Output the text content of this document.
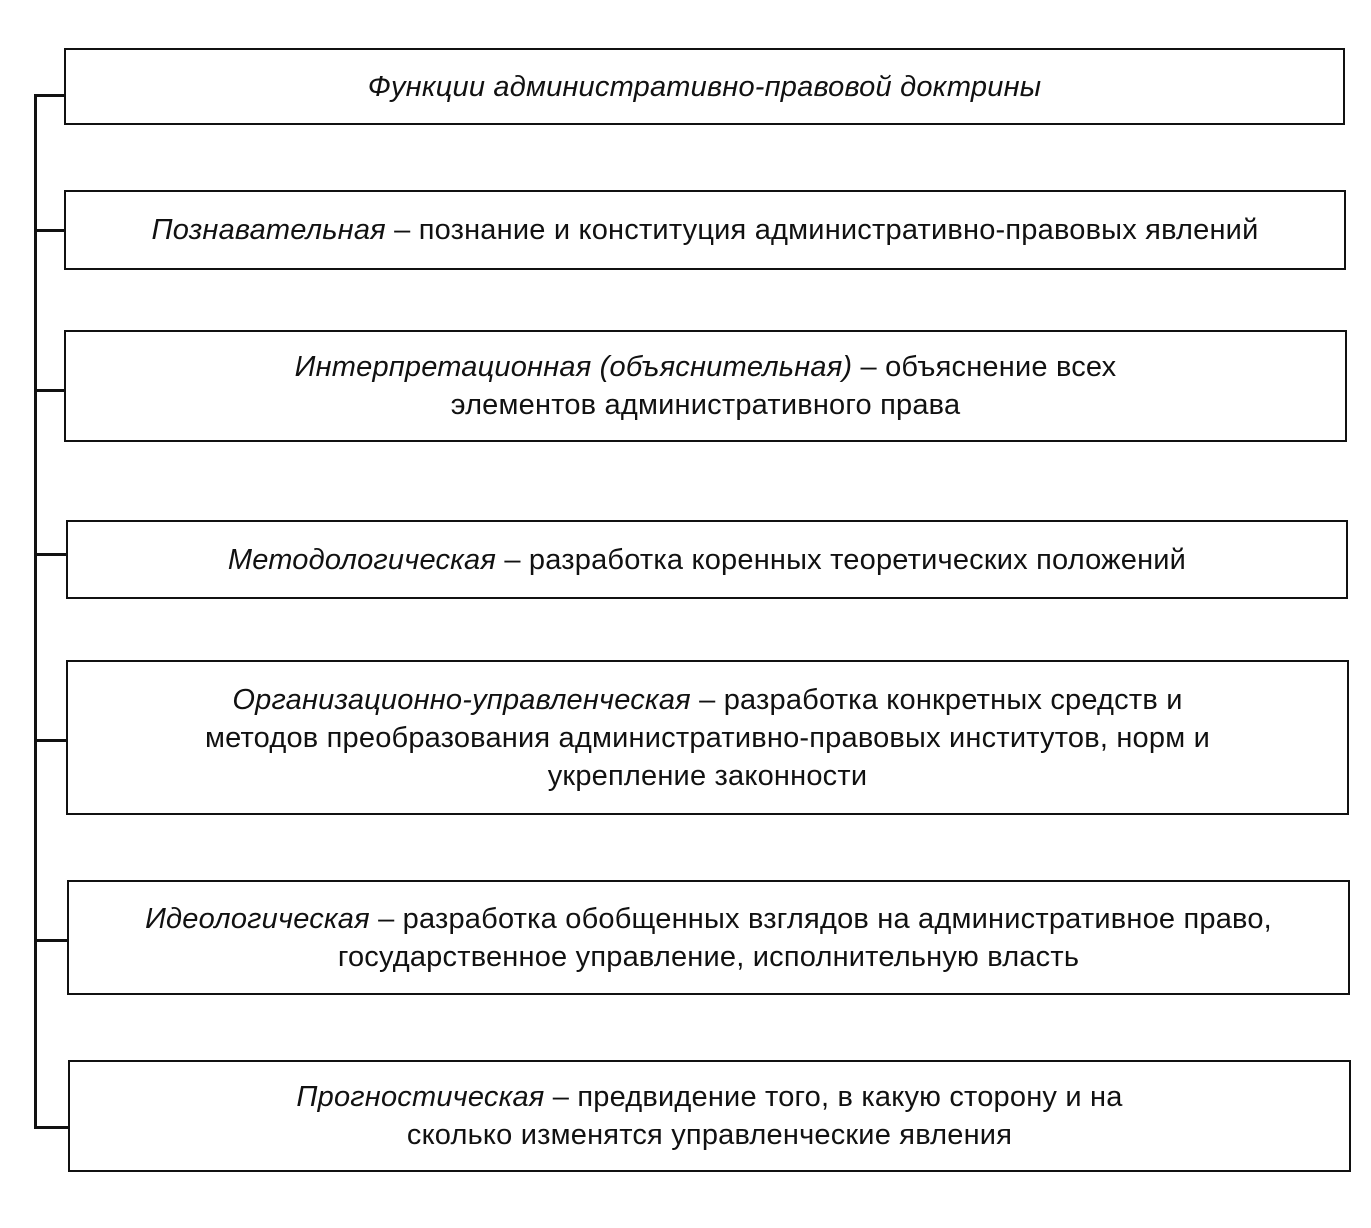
Функции административно-правовой доктрины
Познавательная – познание и конституция административно-правовых явлений
Интерпретационная (объяснительная) – объяснение всех элементов административного права
Методологическая – разработка коренных теоретических положений
Организационно-управленческая – разработка конкретных средств и методов преобразования административно-правовых институтов, норм и укрепление законности
Идеологическая – разработка обобщенных взглядов на административное право, государственное управление, исполнительную власть
Прогностическая – предвидение того, в какую сторону и на сколько изменятся управленческие явления
